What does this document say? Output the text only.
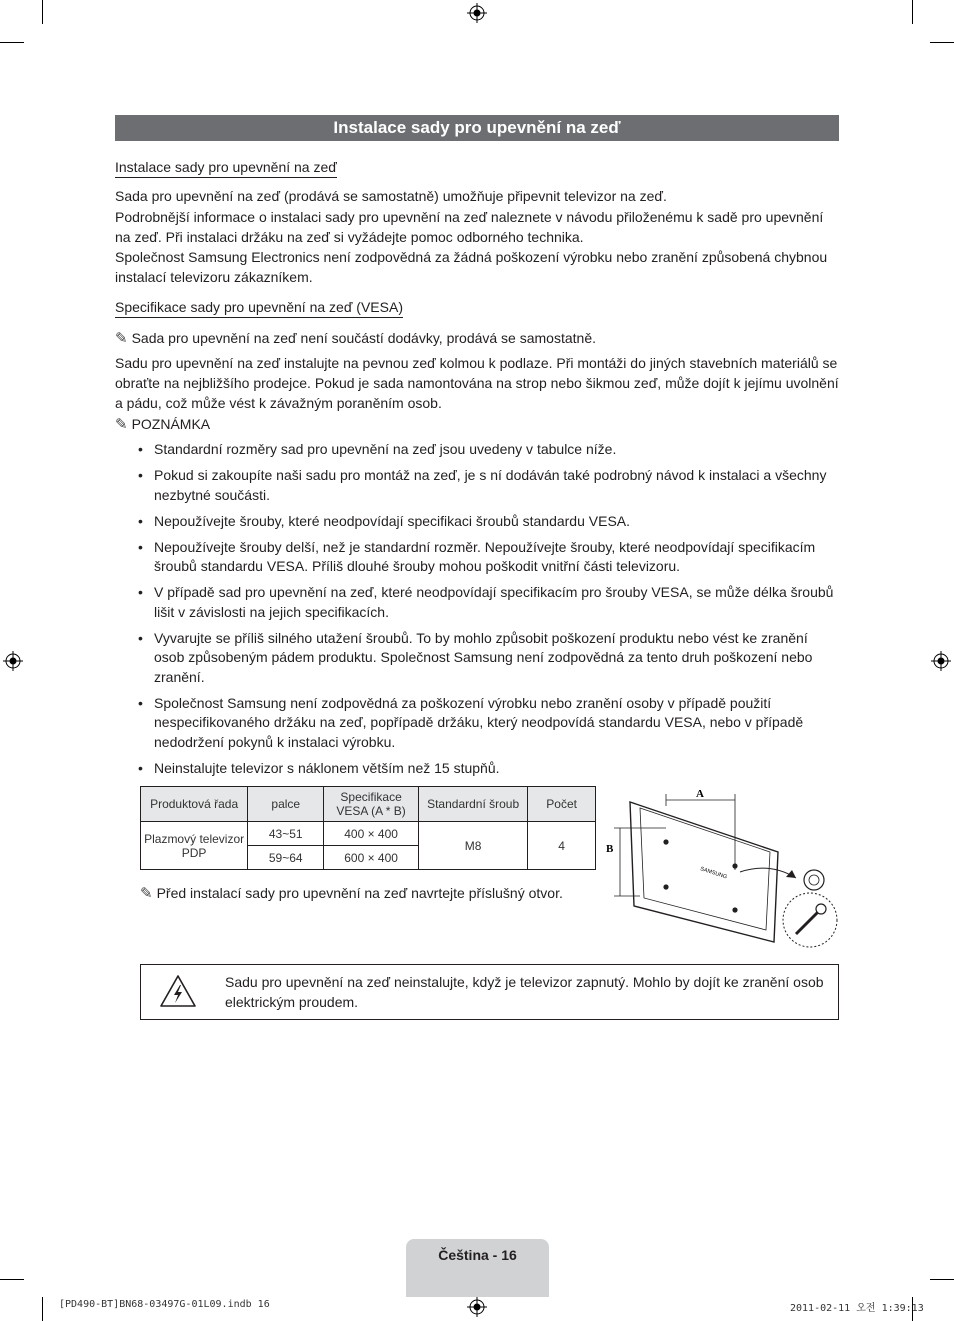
Instalace sady pro upevnění na zeď
Instalace sady pro upevnění na zeď

Sada pro upevnění na zeď (prodává se samostatně) umožňuje připevnit televizor na zeď.

Podrobnější informace o instalaci sady pro upevnění na zeď naleznete v návodu přiloženému k sadě pro upevnění na zeď. Při instalaci držáku na zeď si vyžádejte pomoc odborného technika.

Společnost Samsung Electronics není zodpovědná za žádná poškození výrobku nebo zranění způsobená chybnou instalací televizoru zákazníkem.

Specifikace sady pro upevnění na zeď (VESA)
✎ Sada pro upevnění na zeď není součástí dodávky, prodává se samostatně.

Sadu pro upevnění na zeď instalujte na pevnou zeď kolmou k podlaze. Při montáži do jiných stavebních materiálů se obraťte na nejbližšího prodejce. Pokud je sada namontována na strop nebo šikmou zeď, může dojít k jejímu uvolnění a pádu, což může vést k závažným poraněním osob.

✎ POZNÁMKA
• Standardní rozměry sad pro upevnění na zeď jsou uvedeny v tabulce níže.
• Pokud si zakoupíte naši sadu pro montáž na zeď, je s ní dodáván také podrobný návod k instalaci a všechny nezbytné součásti.
• Nepoužívejte šrouby, které neodpovídají specifikaci šroubů standardu VESA.
• Nepoužívejte šrouby delší, než je standardní rozměr. Nepoužívejte šrouby, které neodpovídají specifikacím šroubů standardu VESA. Příliš dlouhé šrouby mohou poškodit vnitřní části televizoru.
• V případě sad pro upevnění na zeď, které neodpovídají specifikacím pro šrouby VESA, se může délka šroubů lišit v závislosti na jejich specifikacích.
• Vyvarujte se příliš silného utažení šroubů. To by mohlo způsobit poškození produktu nebo vést ke zranění osob způsobeným pádem produktu. Společnost Samsung není zodpovědná za tento druh poškození nebo zranění.
• Společnost Samsung není zodpovědná za poškození výrobku nebo zranění osoby v případě použití nespecifikovaného držáku na zeď, popřípadě držáku, který neodpovídá standardu VESA, nebo v případě nedodržení pokynů k instalaci výrobku.
• Neinstalujte televizor s náklonem větším než 15 stupňů.
Produktová řada	palce	Specifikace VESA (A * B)	Standardní šroub	Počet
Plazmový televizor PDP	43~51	400 × 400	M8	4
	59~64	600 × 400		
✎ Před instalací sady pro upevnění na zeď navrtejte příslušný otvor.
SAMSUNG
A
B
Sadu pro upevnění na zeď neinstalujte, když je televizor zapnutý. Mohlo by dojít ke zranění osob elektrickým proudem.
Čeština - 16
[PD490-BT]BN68-03497G-01L09.indb 16	2011-02-11 오전 1:39:13
